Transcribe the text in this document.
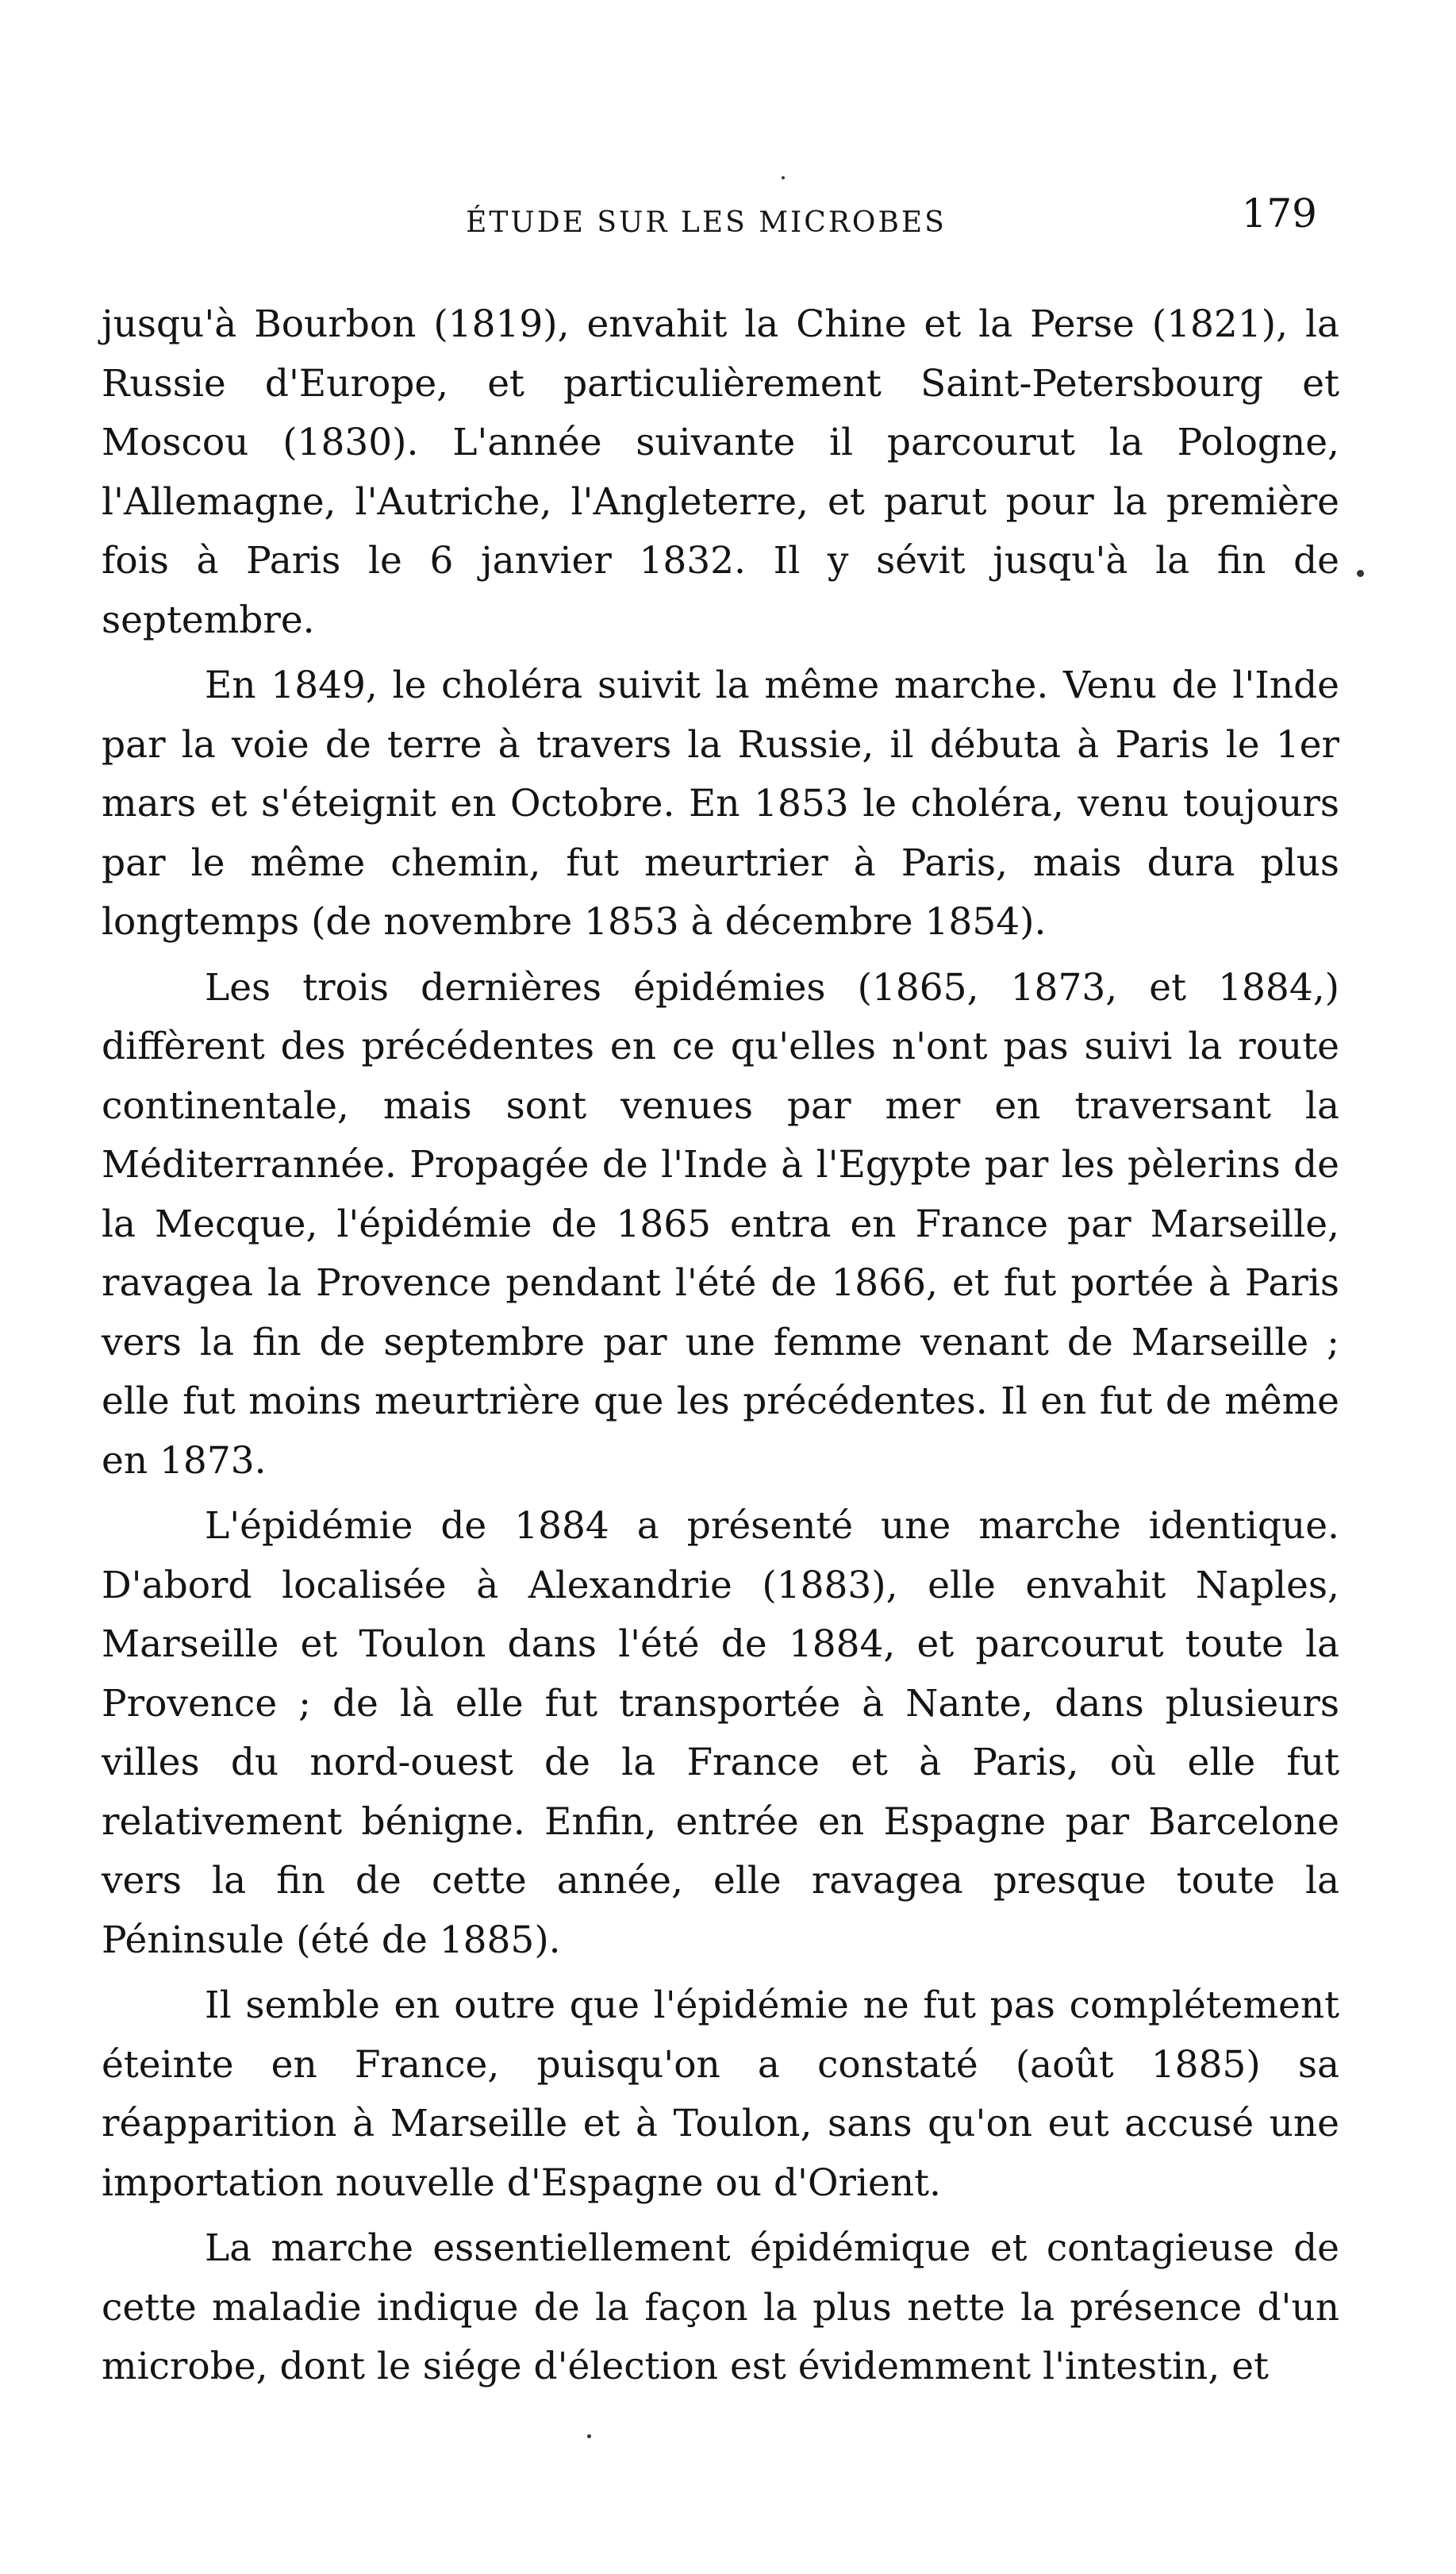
ÉTUDE SUR LES MICROBES	179

jusqu'à Bourbon (1819), envahit la Chine et la Perse (1821), la Russie d'Europe, et particulièrement Saint-Petersbourg et Moscou (1830). L'année suivante il parcourut la Pologne, l'Allemagne, l'Autriche, l'Angleterre, et parut pour la première fois à Paris le 6 janvier 1832. Il y sévit jusqu'à la fin de septembre.

En 1849, le choléra suivit la même marche. Venu de l'Inde par la voie de terre à travers la Russie, il débuta à Paris le 1er mars et s'éteignit en Octobre. En 1853 le choléra, venu toujours par le même chemin, fut meurtrier à Paris, mais dura plus longtemps (de novembre 1853 à décembre 1854).

Les trois dernières épidémies (1865, 1873, et 1884,) diffèrent des précédentes en ce qu'elles n'ont pas suivi la route continentale, mais sont venues par mer en traversant la Méditerrannée. Propagée de l'Inde à l'Egypte par les pèlerins de la Mecque, l'épidémie de 1865 entra en France par Marseille, ravagea la Provence pendant l'été de 1866, et fut portée à Paris vers la fin de septembre par une femme venant de Marseille ; elle fut moins meurtrière que les précédentes. Il en fut de même en 1873.

L'épidémie de 1884 a présenté une marche identique. D'abord localisée à Alexandrie (1883), elle envahit Naples, Marseille et Toulon dans l'été de 1884, et parcourut toute la Provence ; de là elle fut transportée à Nante, dans plusieurs villes du nord-ouest de la France et à Paris, où elle fut relativement bénigne. Enfin, entrée en Espagne par Barcelone vers la fin de cette année, elle ravagea presque toute la Péninsule (été de 1885).

Il semble en outre que l'épidémie ne fut pas complétement éteinte en France, puisqu'on a constaté (août 1885) sa réapparition à Marseille et à Toulon, sans qu'on eut accusé une importation nouvelle d'Espagne ou d'Orient.

La marche essentiellement épidémique et contagieuse de cette maladie indique de la façon la plus nette la présence d'un microbe, dont le siége d'élection est évidemment l'intestin, et
